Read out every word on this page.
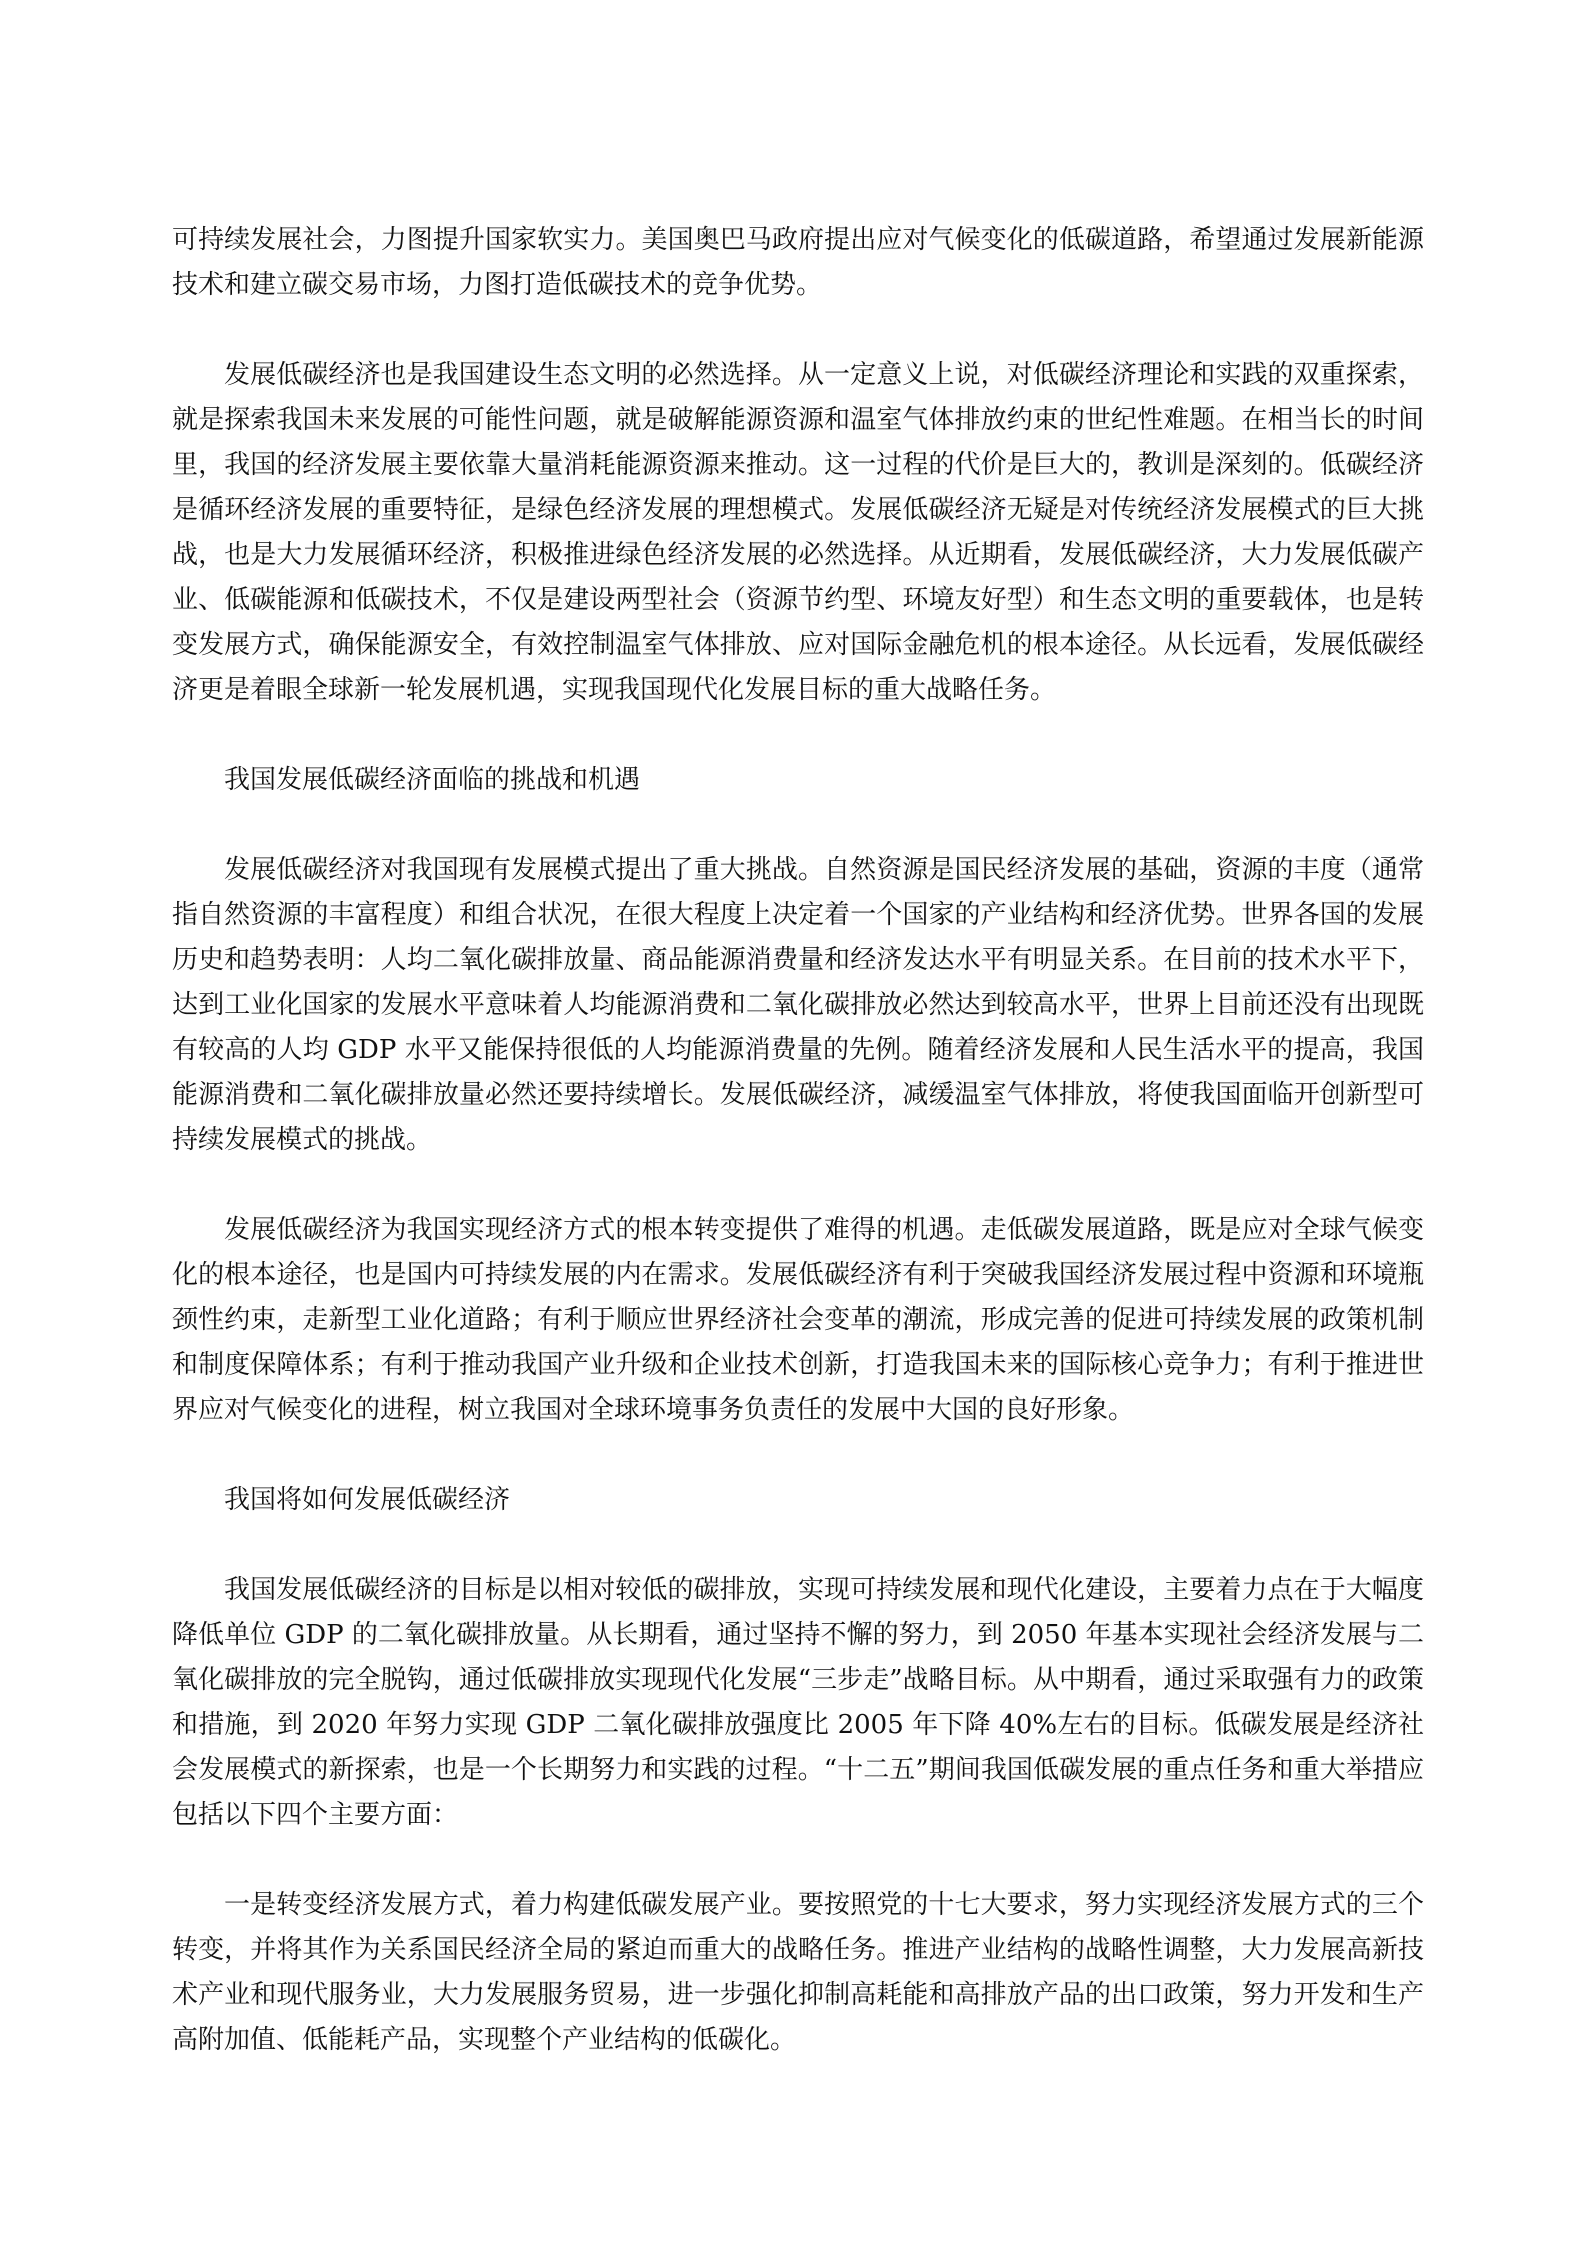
可持续发展社会，力图提升国家软实力。美国奥巴马政府提出应对气候变化的低碳道路，希望通过发展新能源技术和建立碳交易市场，力图打造低碳技术的竞争优势。

发展低碳经济也是我国建设生态文明的必然选择。从一定意义上说，对低碳经济理论和实践的双重探索，就是探索我国未来发展的可能性问题，就是破解能源资源和温室气体排放约束的世纪性难题。在相当长的时间里，我国的经济发展主要依靠大量消耗能源资源来推动。这一过程的代价是巨大的，教训是深刻的。低碳经济是循环经济发展的重要特征，是绿色经济发展的理想模式。发展低碳经济无疑是对传统经济发展模式的巨大挑战，也是大力发展循环经济，积极推进绿色经济发展的必然选择。从近期看，发展低碳经济，大力发展低碳产业、低碳能源和低碳技术，不仅是建设两型社会（资源节约型、环境友好型）和生态文明的重要载体，也是转变发展方式，确保能源安全，有效控制温室气体排放、应对国际金融危机的根本途径。从长远看，发展低碳经济更是着眼全球新一轮发展机遇，实现我国现代化发展目标的重大战略任务。

我国发展低碳经济面临的挑战和机遇

发展低碳经济对我国现有发展模式提出了重大挑战。自然资源是国民经济发展的基础，资源的丰度（通常指自然资源的丰富程度）和组合状况，在很大程度上决定着一个国家的产业结构和经济优势。世界各国的发展历史和趋势表明：人均二氧化碳排放量、商品能源消费量和经济发达水平有明显关系。在目前的技术水平下，达到工业化国家的发展水平意味着人均能源消费和二氧化碳排放必然达到较高水平，世界上目前还没有出现既有较高的人均 GDP 水平又能保持很低的人均能源消费量的先例。随着经济发展和人民生活水平的提高，我国能源消费和二氧化碳排放量必然还要持续增长。发展低碳经济，减缓温室气体排放，将使我国面临开创新型可持续发展模式的挑战。

发展低碳经济为我国实现经济方式的根本转变提供了难得的机遇。走低碳发展道路，既是应对全球气候变化的根本途径，也是国内可持续发展的内在需求。发展低碳经济有利于突破我国经济发展过程中资源和环境瓶颈性约束，走新型工业化道路；有利于顺应世界经济社会变革的潮流，形成完善的促进可持续发展的政策机制和制度保障体系；有利于推动我国产业升级和企业技术创新，打造我国未来的国际核心竞争力；有利于推进世界应对气候变化的进程，树立我国对全球环境事务负责任的发展中大国的良好形象。

我国将如何发展低碳经济

我国发展低碳经济的目标是以相对较低的碳排放，实现可持续发展和现代化建设，主要着力点在于大幅度降低单位 GDP 的二氧化碳排放量。从长期看，通过坚持不懈的努力，到 2050 年基本实现社会经济发展与二氧化碳排放的完全脱钩，通过低碳排放实现现代化发展“三步走”战略目标。从中期看，通过采取强有力的政策和措施，到 2020 年努力实现 GDP 二氧化碳排放强度比 2005 年下降 40%左右的目标。低碳发展是经济社会发展模式的新探索，也是一个长期努力和实践的过程。“十二五”期间我国低碳发展的重点任务和重大举措应包括以下四个主要方面：

一是转变经济发展方式，着力构建低碳发展产业。要按照党的十七大要求，努力实现经济发展方式的三个转变，并将其作为关系国民经济全局的紧迫而重大的战略任务。推进产业结构的战略性调整，大力发展高新技术产业和现代服务业，大力发展服务贸易，进一步强化抑制高耗能和高排放产品的出口政策，努力开发和生产高附加值、低能耗产品，实现整个产业结构的低碳化。
